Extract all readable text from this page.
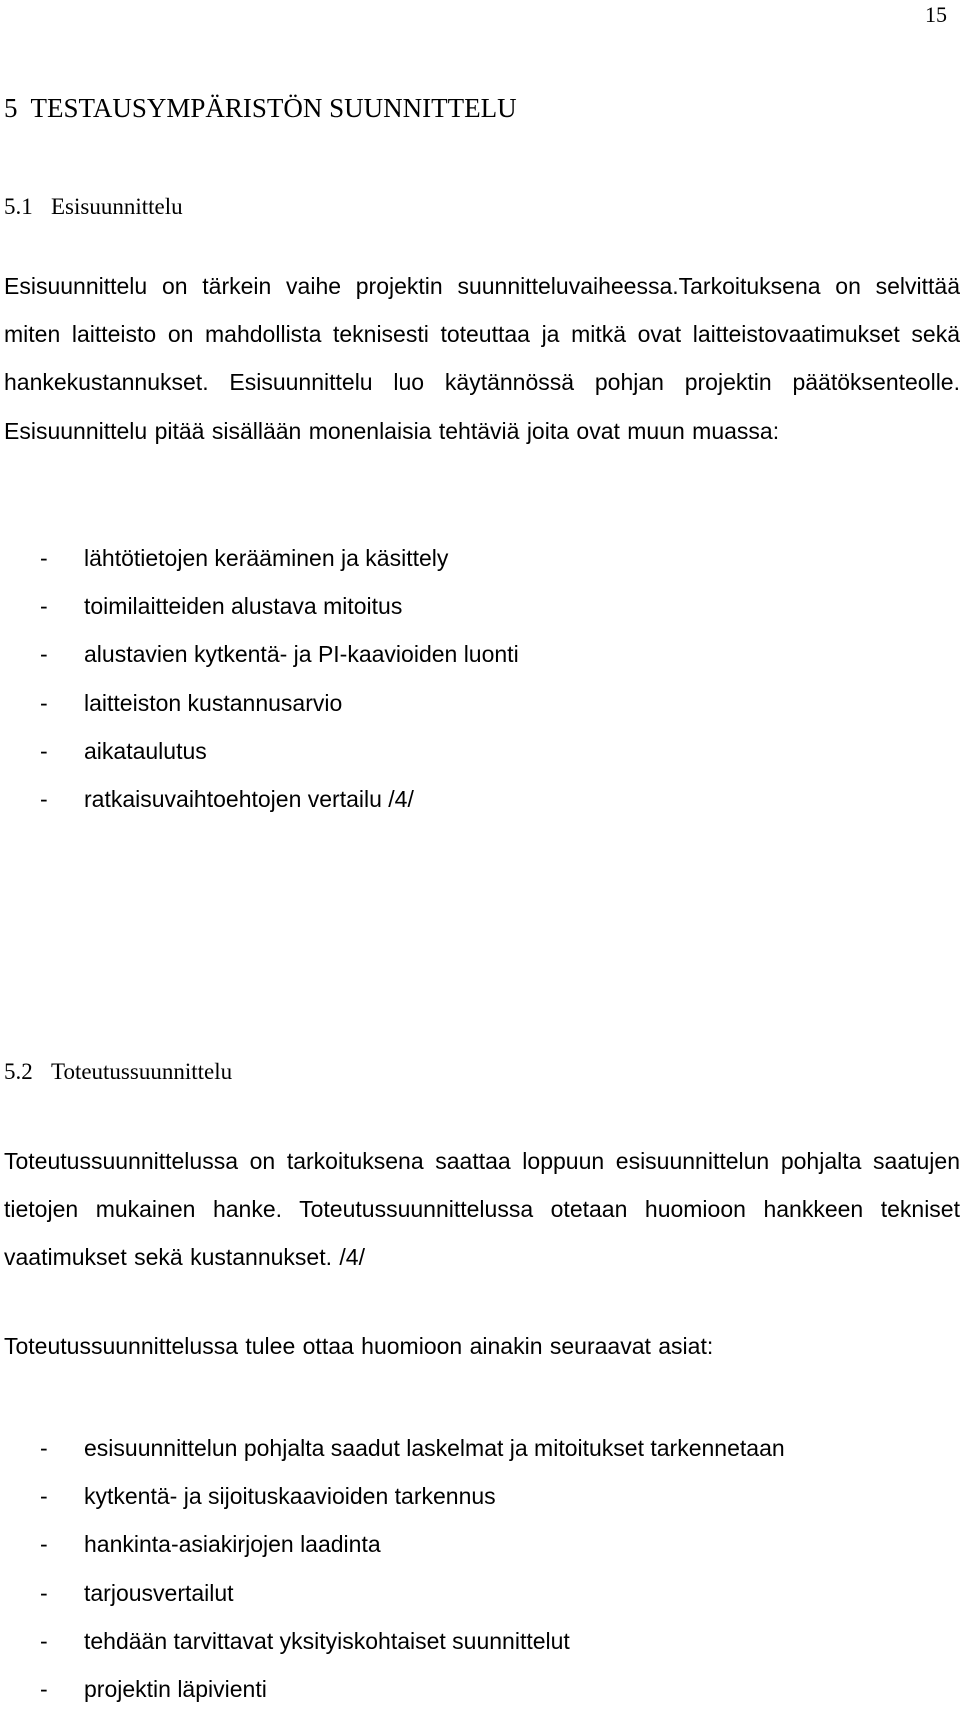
15
5  TESTAUSYMPÄRISTÖN SUUNNITTELU
5.1 Esisuunnittelu

Esisuunnittelu on tärkein vaihe projektin suunnitteluvaiheessa.Tarkoituksena on selvittää miten laitteisto on mahdollista teknisesti toteuttaa ja mitkä ovat laitteistovaatimukset sekä hankekustannukset. Esisuunnittelu luo käytännössä pohjan projektin päätöksenteolle. Esisuunnittelu pitää sisällään monenlaisia tehtäviä joita ovat muun muassa:

- lähtötietojen kerääminen ja käsittely
- toimilaitteiden alustava mitoitus
- alustavien kytkentä- ja PI-kaavioiden luonti
- laitteiston kustannusarvio
- aikataulutus
- ratkaisuvaihtoehtojen vertailu /4/
5.2 Toteutussuunnittelu

Toteutussuunnittelussa on tarkoituksena saattaa loppuun esisuunnittelun pohjalta saatujen tietojen mukainen hanke. Toteutussuunnittelussa otetaan huomioon hankkeen tekniset vaatimukset sekä kustannukset. /4/

Toteutussuunnittelussa tulee ottaa huomioon ainakin seuraavat asiat:

- esisuunnittelun pohjalta saadut laskelmat ja mitoitukset tarkennetaan
- kytkentä- ja sijoituskaavioiden tarkennus
- hankinta-asiakirjojen laadinta
- tarjousvertailut
- tehdään tarvittavat yksityiskohtaiset suunnittelut
- projektin läpivienti
